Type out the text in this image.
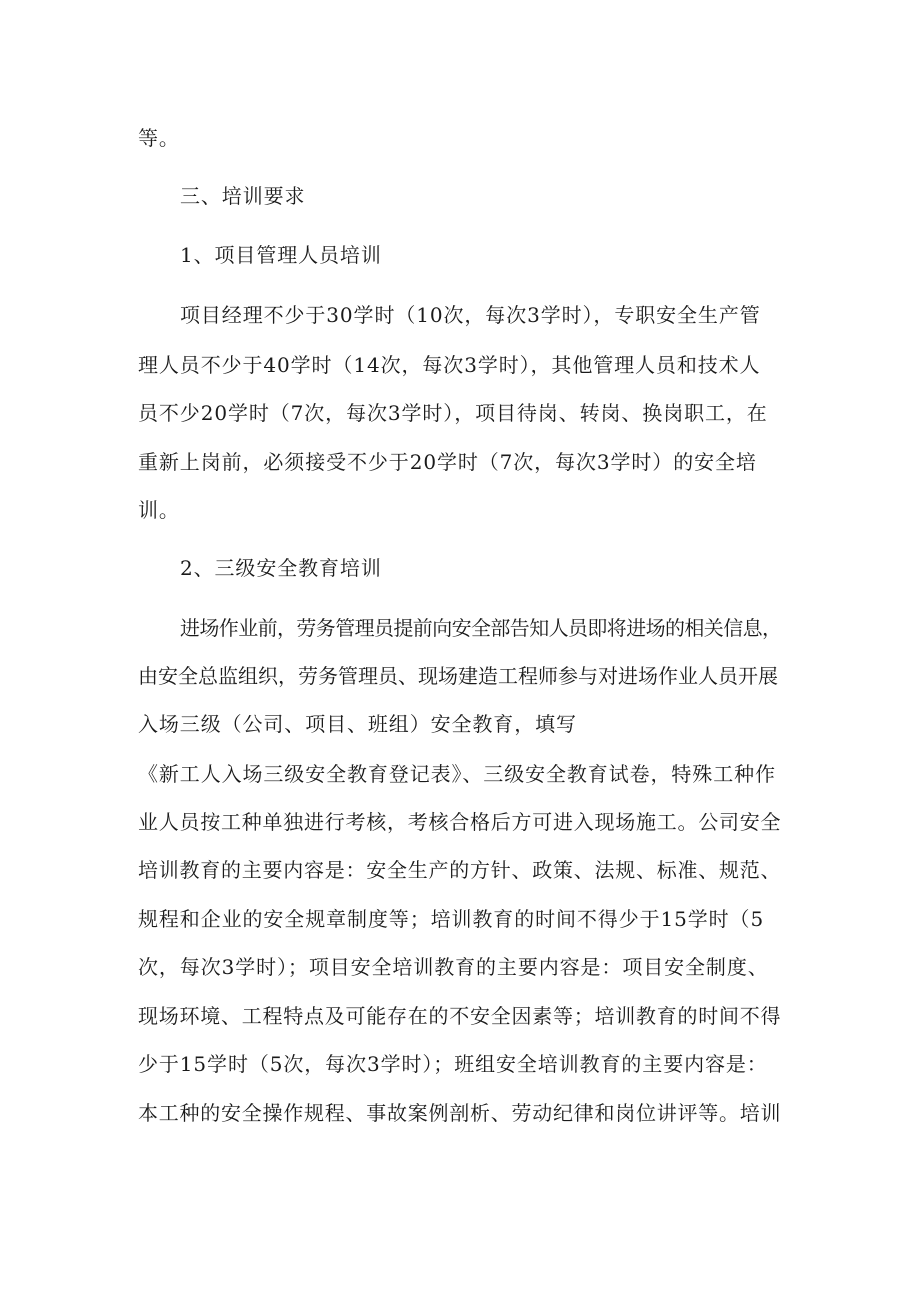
等。
三、培训要求
1、项目管理人员培训
项目经理不少于30学时（10次，每次3学时），专职安全生产管
理人员不少于40学时（14次，每次3学时），其他管理人员和技术人
员不少20学时（7次，每次3学时），项目待岗、转岗、换岗职工，在
重新上岗前，必须接受不少于20学时（7次，每次3学时）的安全培
训。
2、三级安全教育培训
进场作业前，劳务管理员提前向安全部告知人员即将进场的相关信息，
由安全总监组织，劳务管理员、现场建造工程师参与对进场作业人员开展
入场三级（公司、项目、班组）安全教育，填写
《新工人入场三级安全教育登记表》、三级安全教育试卷，特殊工种作
业人员按工种单独进行考核，考核合格后方可进入现场施工。公司安全
培训教育的主要内容是：安全生产的方针、政策、法规、标准、规范、
规程和企业的安全规章制度等；培训教育的时间不得少于15学时（5
次，每次3学时）；项目安全培训教育的主要内容是：项目安全制度、
现场环境、工程特点及可能存在的不安全因素等；培训教育的时间不得
少于15学时（5次，每次3学时）；班组安全培训教育的主要内容是：
本工种的安全操作规程、事故案例剖析、劳动纪律和岗位讲评等。培训
